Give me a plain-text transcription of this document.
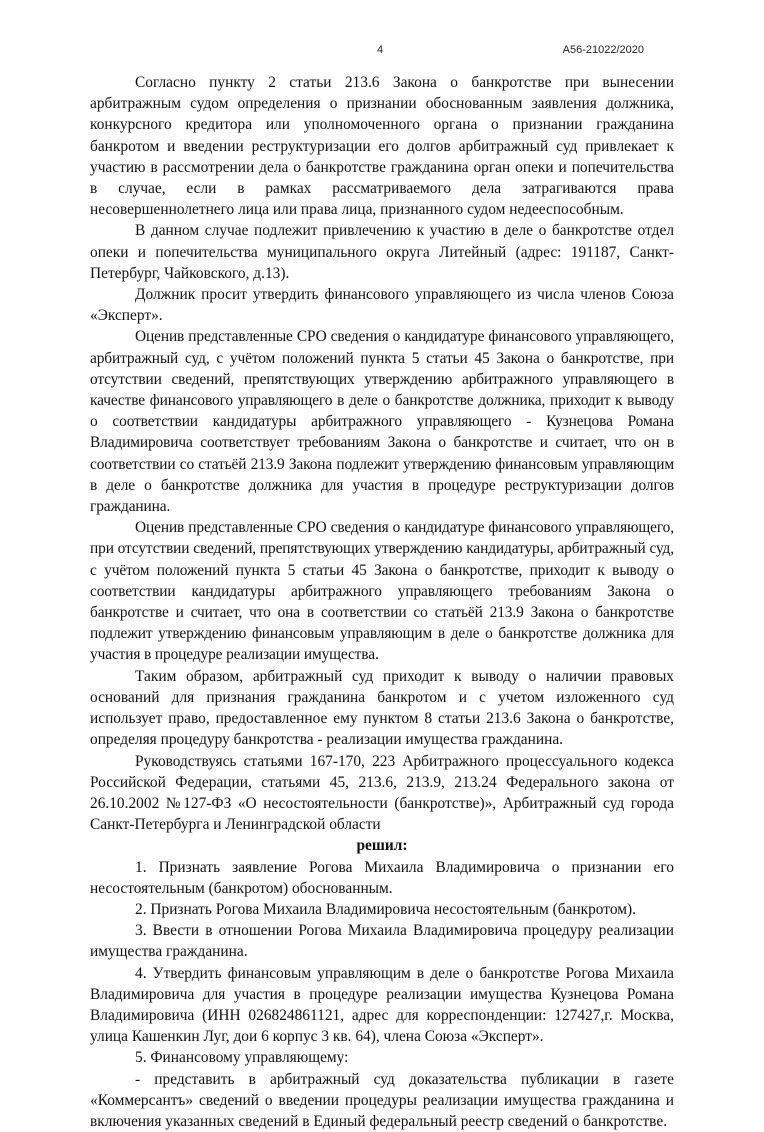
4	А56-21022/2020

Согласно пункту 2 статьи 213.6 Закона о банкротстве при вынесении арбитражным судом определения о признании обоснованным заявления должника, конкурсного кредитора или уполномоченного органа о признании гражданина банкротом и введении реструктуризации его долгов арбитражный суд привлекает к участию в рассмотрении дела о банкротстве гражданина орган опеки и попечительства в случае, если в рамках рассматриваемого дела затрагиваются права несовершеннолетнего лица или права лица, признанного судом недееспособным.

В данном случае подлежит привлечению к участию в деле о банкротстве отдел опеки и попечительства муниципального округа Литейный (адрес: 191187, Санкт-Петербург, Чайковского, д.13).

Должник просит утвердить финансового управляющего из числа членов Союза «Эксперт».

Оценив представленные СРО сведения о кандидатуре финансового управляющего, арбитражный суд, с учётом положений пункта 5 статьи 45 Закона о банкротстве, при отсутствии сведений, препятствующих утверждению арбитражного управляющего в качестве финансового управляющего в деле о банкротстве должника, приходит к выводу о соответствии кандидатуры арбитражного управляющего - Кузнецова Романа Владимировича соответствует требованиям Закона о банкротстве и считает, что он в соответствии со статьёй 213.9 Закона подлежит утверждению финансовым управляющим в деле о банкротстве должника для участия в процедуре реструктуризации долгов гражданина.

Оценив представленные СРО сведения о кандидатуре финансового управляющего, при отсутствии сведений, препятствующих утверждению кандидатуры, арбитражный суд, с учётом положений пункта 5 статьи 45 Закона о банкротстве, приходит к выводу о соответствии кандидатуры арбитражного управляющего требованиям Закона о банкротстве и считает, что она в соответствии со статьёй 213.9 Закона о банкротстве подлежит утверждению финансовым управляющим в деле о банкротстве должника для участия в процедуре реализации имущества.

Таким образом, арбитражный суд приходит к выводу о наличии правовых оснований для признания гражданина банкротом и с учетом изложенного суд использует право, предоставленное ему пунктом 8 статьи 213.6 Закона о банкротстве, определяя процедуру банкротства - реализации имущества гражданина.

Руководствуясь статьями 167-170, 223 Арбитражного процессуального кодекса Российской Федерации, статьями 45, 213.6, 213.9, 213.24 Федерального закона от 26.10.2002 №127-ФЗ «О несостоятельности (банкротстве)», Арбитражный суд города Санкт-Петербурга и Ленинградской области

решил:

1. Признать заявление Рогова Михаила Владимировича о признании его несостоятельным (банкротом) обоснованным.

2. Признать Рогова Михаила Владимировича несостоятельным (банкротом).

3. Ввести в отношении Рогова Михаила Владимировича процедуру реализации имущества гражданина.

4. Утвердить финансовым управляющим в деле о банкротстве Рогова Михаила Владимировича для участия в процедуре реализации имущества Кузнецова Романа Владимировича (ИНН 026824861121, адрес для корреспонденции: 127427,г. Москва, улица Кашенкин Луг, дои 6 корпус 3 кв. 64), члена Союза «Эксперт».

5. Финансовому управляющему:

- представить в арбитражный суд доказательства публикации в газете «Коммерсантъ» сведений о введении процедуры реализации имущества гражданина и включения указанных сведений в Единый федеральный реестр сведений о банкротстве.
